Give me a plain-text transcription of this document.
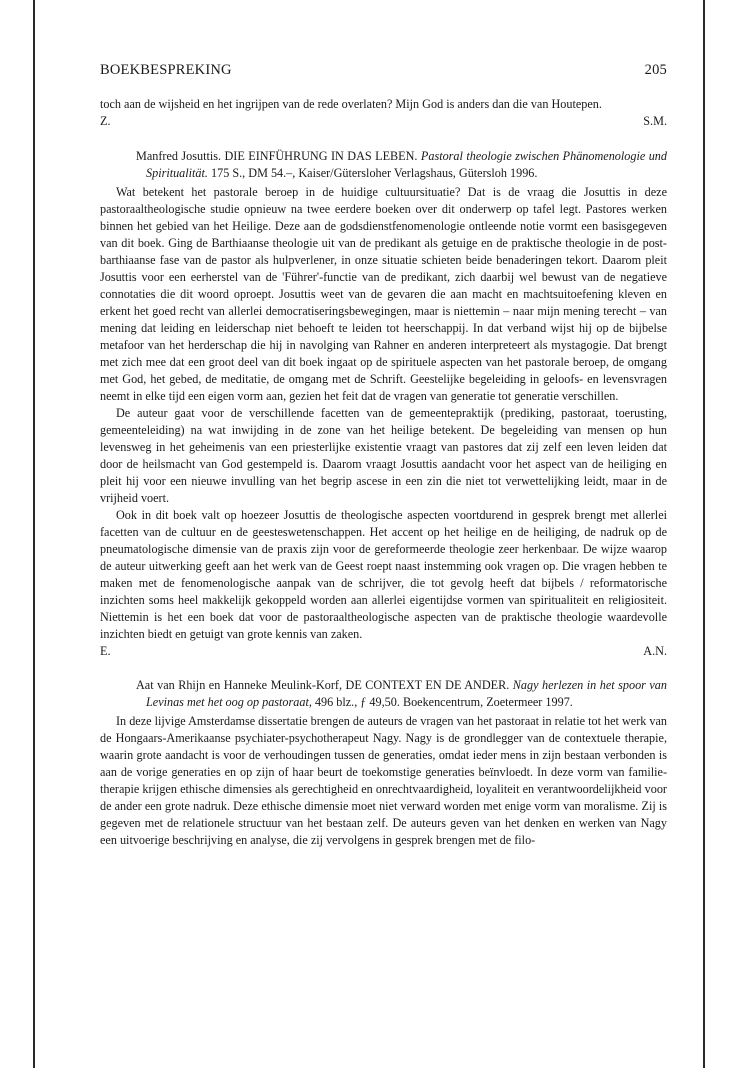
BOEKBESPREKING	205

toch aan de wijsheid en het ingrijpen van de rede overlaten? Mijn God is anders dan die van Houtepen.

Z.	S.M.

Manfred Josuttis. DIE EINFÜHRUNG IN DAS LEBEN. Pastoral theologie zwischen Phänomenologie und Spiritualität. 175 S., DM 54.–, Kaiser/Gütersloher Verlagshaus, Gütersloh 1996.

Wat betekent het pastorale beroep in de huidige cultuursituatie? Dat is de vraag die Josuttis in deze pastoraaltheologische studie opnieuw na twee eerdere boeken over dit onderwerp op tafel legt. Pastores werken binnen het gebied van het Heilige. Deze aan de godsdienstfenomenologie ontleende notie vormt een basisgegeven van dit boek. Ging de Barthiaanse theologie uit van de predikant als getuige en de praktische theologie in de post-barthiaanse fase van de pastor als hulpverlener, in onze situatie schieten beide benaderingen tekort. Daarom pleit Josuttis voor een eerherstel van de 'Führer'-functie van de predikant, zich daarbij wel bewust van de negatieve connotaties die dit woord oproept. Josuttis weet van de gevaren die aan macht en machtsuitoefening kleven en erkent het goed recht van allerlei democratiseringsbewegingen, maar is niettemin – naar mijn mening terecht – van mening dat leiding en leiderschap niet behoeft te leiden tot heerschappij. In dat verband wijst hij op de bijbelse metafoor van het herderschap die hij in navolging van Rahner en anderen interpreteert als mystagogie. Dat brengt met zich mee dat een groot deel van dit boek ingaat op de spirituele aspecten van het pastorale beroep, de omgang met God, het gebed, de meditatie, de omgang met de Schrift. Geestelijke begeleiding in geloofs- en levensvragen neemt in elke tijd een eigen vorm aan, gezien het feit dat de vragen van generatie tot generatie verschillen.

De auteur gaat voor de verschillende facetten van de gemeentepraktijk (prediking, pastoraat, toerusting, gemeenteleiding) na wat inwijding in de zone van het heilige betekent. De begeleiding van mensen op hun levensweg in het geheimenis van een priesterlijke existentie vraagt van pastores dat zij zelf een leven leiden dat door de heilsmacht van God gestempeld is. Daarom vraagt Josuttis aandacht voor het aspect van de heiliging en pleit hij voor een nieuwe invulling van het begrip ascese in een zin die niet tot verwettelijking leidt, maar in de vrijheid voert.

Ook in dit boek valt op hoezeer Josuttis de theologische aspecten voortdurend in gesprek brengt met allerlei facetten van de cultuur en de geesteswetenschappen. Het accent op het heilige en de heiliging, de nadruk op de pneumatologische dimensie van de praxis zijn voor de gereformeerde theologie zeer herkenbaar. De wijze waarop de auteur uitwerking geeft aan het werk van de Geest roept naast instemming ook vragen op. Die vragen hebben te maken met de fenomenologische aanpak van de schrijver, die tot gevolg heeft dat bijbels / reformatorische inzichten soms heel makkelijk gekoppeld worden aan allerlei eigentijdse vormen van spiritualiteit en religiositeit. Niettemin is het een boek dat voor de pastoraaltheologische aspecten van de praktische theologie waardevolle inzichten biedt en getuigt van grote kennis van zaken.

E.	A.N.

Aat van Rhijn en Hanneke Meulink-Korf, DE CONTEXT EN DE ANDER. Nagy herlezen in het spoor van Levinas met het oog op pastoraat, 496 blz., ƒ 49,50. Boekencentrum, Zoetermeer 1997.

In deze lijvige Amsterdamse dissertatie brengen de auteurs de vragen van het pastoraat in relatie tot het werk van de Hongaars-Amerikaanse psychiater-psychotherapeut Nagy. Nagy is de grondlegger van de contextuele therapie, waarin grote aandacht is voor de verhoudingen tussen de generaties, omdat ieder mens in zijn bestaan verbonden is aan de vorige generaties en op zijn of haar beurt de toekomstige generaties beïnvloedt. In deze vorm van familie-therapie krijgen ethische dimensies als gerechtigheid en onrechtvaardigheid, loyaliteit en verantwoordelijkheid voor de ander een grote nadruk. Deze ethische dimensie moet niet verward worden met enige vorm van moralisme. Zij is gegeven met de relationele structuur van het bestaan zelf. De auteurs geven van het denken en werken van Nagy een uitvoerige beschrijving en analyse, die zij vervolgens in gesprek brengen met de filo-
